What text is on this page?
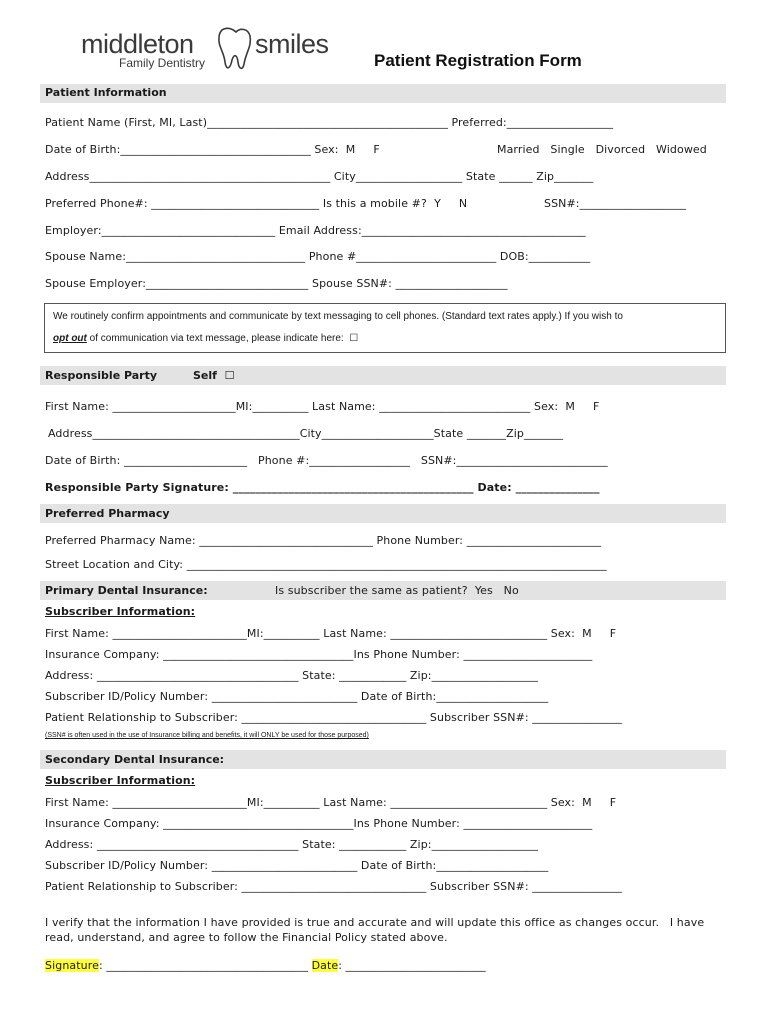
middleton smiles
Family Dentistry	Patient Registration Form
Patient Information
Patient Name (First, MI, Last)___________________________________________ Preferred:___________________
Date of Birth:__________________________________ Sex:  M     F	Married   Single   Divorced   Widowed
Address___________________________________________ City___________________ State ______ Zip_______
Preferred Phone#: ______________________________ Is this a mobile #?  Y     N	SSN#:___________________
Employer:_______________________________ Email Address:________________________________________
Spouse Name:________________________________ Phone #_________________________ DOB:___________
Spouse Employer:_____________________________ Spouse SSN#: ____________________
We routinely confirm appointments and communicate by text messaging to cell phones. (Standard text rates apply.) If you wish to
opt out of communication via text message, please indicate here:  ☐
Responsible Party	Self  ☐
First Name: ______________________MI:__________ Last Name: ___________________________ Sex:  M     F
Address_____________________________________City____________________State _______Zip_______
Date of Birth: ______________________   Phone #:__________________   SSN#:___________________________
Responsible Party Signature: ___________________________________________ Date: _______________
Preferred Pharmacy
Preferred Pharmacy Name: _______________________________ Phone Number: ________________________
Street Location and City: ___________________________________________________________________________
Primary Dental Insurance:	Is subscriber the same as patient?  Yes   No
Subscriber Information:
First Name: ________________________MI:__________ Last Name: ____________________________ Sex:  M     F
Insurance Company: __________________________________Ins Phone Number: _______________________
Address: ____________________________________ State: ____________ Zip:___________________
Subscriber ID/Policy Number: __________________________ Date of Birth:____________________
Patient Relationship to Subscriber: _________________________________ Subscriber SSN#: ________________
(SSN# is often used in the use of Insurance billing and benefits, it will ONLY be used for those purposed)
Secondary Dental Insurance:
Subscriber Information:
First Name: ________________________MI:__________ Last Name: ____________________________ Sex:  M     F
Insurance Company: __________________________________Ins Phone Number: _______________________
Address: ____________________________________ State: ____________ Zip:___________________
Subscriber ID/Policy Number: __________________________ Date of Birth:____________________
Patient Relationship to Subscriber: _________________________________ Subscriber SSN#: ________________
I verify that the information I have provided is true and accurate and will update this office as changes occur.   I have
read, understand, and agree to follow the Financial Policy stated above.
Signature: ____________________________________ Date: _________________________
